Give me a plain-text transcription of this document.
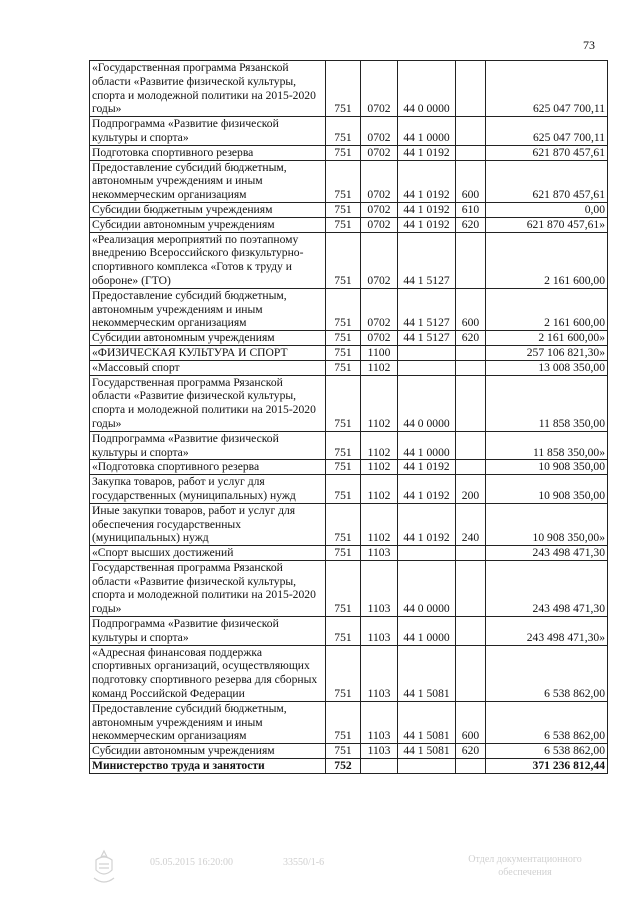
73
«Государственная программа Рязанской области «Развитие физической культуры, спорта и молодежной политики на 2015-2020 годы»	751	0702	44 0 0000		625 047 700,11
Подпрограмма «Развитие физической культуры и спорта»	751	0702	44 1 0000		625 047 700,11
Подготовка спортивного резерва	751	0702	44 1 0192		621 870 457,61
Предоставление субсидий бюджетным, автономным учреждениям и иным некоммерческим организациям	751	0702	44 1 0192	600	621 870 457,61
Субсидии бюджетным учреждениям	751	0702	44 1 0192	610	0,00
Субсидии автономным учреждениям	751	0702	44 1 0192	620	621 870 457,61»
«Реализация мероприятий по поэтапному внедрению Всероссийского физкультурно-спортивного комплекса «Готов к труду и обороне» (ГТО)	751	0702	44 1 5127		2 161 600,00
Предоставление субсидий бюджетным, автономным учреждениям и иным некоммерческим организациям	751	0702	44 1 5127	600	2 161 600,00
Субсидии автономным учреждениям	751	0702	44 1 5127	620	2 161 600,00»
«ФИЗИЧЕСКАЯ КУЛЬТУРА И СПОРТ	751	1100			257 106 821,30»
«Массовый спорт	751	1102			13 008 350,00
Государственная программа Рязанской области «Развитие физической культуры, спорта и молодежной политики на 2015-2020 годы»	751	1102	44 0 0000		11 858 350,00
Подпрограмма «Развитие физической культуры и спорта»	751	1102	44 1 0000		11 858 350,00»
«Подготовка спортивного резерва	751	1102	44 1 0192		10 908 350,00
Закупка товаров, работ и услуг для государственных (муниципальных) нужд	751	1102	44 1 0192	200	10 908 350,00
Иные закупки товаров, работ и услуг для обеспечения государственных (муниципальных) нужд	751	1102	44 1 0192	240	10 908 350,00»
«Спорт высших достижений	751	1103			243 498 471,30
Государственная программа Рязанской области «Развитие физической культуры, спорта и молодежной политики на 2015-2020 годы»	751	1103	44 0 0000		243 498 471,30
Подпрограмма «Развитие физической культуры и спорта»	751	1103	44 1 0000		243 498 471,30»
«Адресная финансовая поддержка спортивных организаций, осуществляющих подготовку спортивного резерва для сборных команд Российской Федерации	751	1103	44 1 5081		6 538 862,00
Предоставление субсидий бюджетным, автономным учреждениям и иным некоммерческим организациям	751	1103	44 1 5081	600	6 538 862,00
Субсидии автономным учреждениям	751	1103	44 1 5081	620	6 538 862,00
Министерство труда и занятости	752				371 236 812,44
05.05.2015 16:20:00	33550/1-6	Отдел документационного
обеспечения
